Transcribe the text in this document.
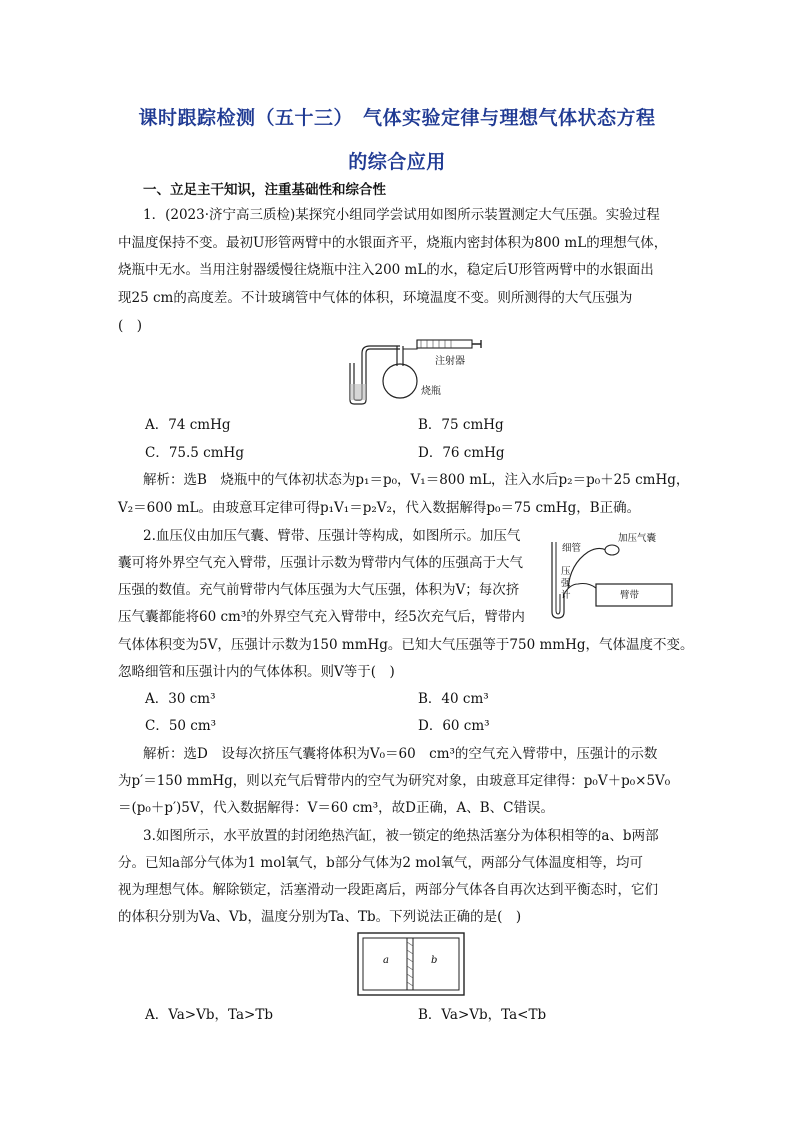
课时跟踪检测（五十三）　气体实验定律与理想气体状态方程
的综合应用
一、立足主干知识，注重基础性和综合性
1．(2023·济宁高三质检)某探究小组同学尝试用如图所示装置测定大气压强。实验过程
中温度保持不变。最初U形管两臂中的水银面齐平，烧瓶内密封体积为800 mL的理想气体，
烧瓶中无水。当用注射器缓慢往烧瓶中注入200 mL的水，稳定后U形管两臂中的水银面出
现25 cm的高度差。不计玻璃管中气体的体积，环境温度不变。则所测得的大气压强为
(　)
注射器
烧瓶
A．74 cmHg	B．75 cmHg
C．75.5 cmHg	D．76 cmHg
解析：选B　烧瓶中的气体初状态为p₁＝p₀，V₁＝800 mL，注入水后p₂＝p₀＋25 cmHg，
V₂＝600 mL。由玻意耳定律可得p₁V₁＝p₂V₂，代入数据解得p₀＝75 cmHg，B正确。
2.血压仪由加压气囊、臂带、压强计等构成，如图所示。加压气
囊可将外界空气充入臂带，压强计示数为臂带内气体的压强高于大气
压强的数值。充气前臂带内气体压强为大气压强，体积为V；每次挤
压气囊都能将60 cm³的外界空气充入臂带中，经5次充气后，臂带内
气体体积变为5V，压强计示数为150 mmHg。已知大气压强等于750 mmHg，气体温度不变。
忽略细管和压强计内的气体体积。则V等于(　)
加压气囊
细管
压
强
计	臂带
A．30 cm³	B．40 cm³
C．50 cm³	D．60 cm³
解析：选D　设每次挤压气囊将体积为V₀＝60　cm³的空气充入臂带中，压强计的示数
为p′＝150 mmHg，则以充气后臂带内的空气为研究对象，由玻意耳定律得：p₀V＋p₀×5V₀
＝(p₀＋p′)5V，代入数据解得：V＝60 cm³，故D正确，A、B、C错误。
3.如图所示，水平放置的封闭绝热汽缸，被一锁定的绝热活塞分为体积相等的a、b两部
分。已知a部分气体为1 mol氧气，b部分气体为2 mol氧气，两部分气体温度相等，均可
视为理想气体。解除锁定，活塞滑动一段距离后，两部分气体各自再次达到平衡态时，它们
的体积分别为Va、Vb，温度分别为Ta、Tb。下列说法正确的是(　)
a	b
A．Va>Vb，Ta>Tb	B．Va>Vb，Ta<Tb
